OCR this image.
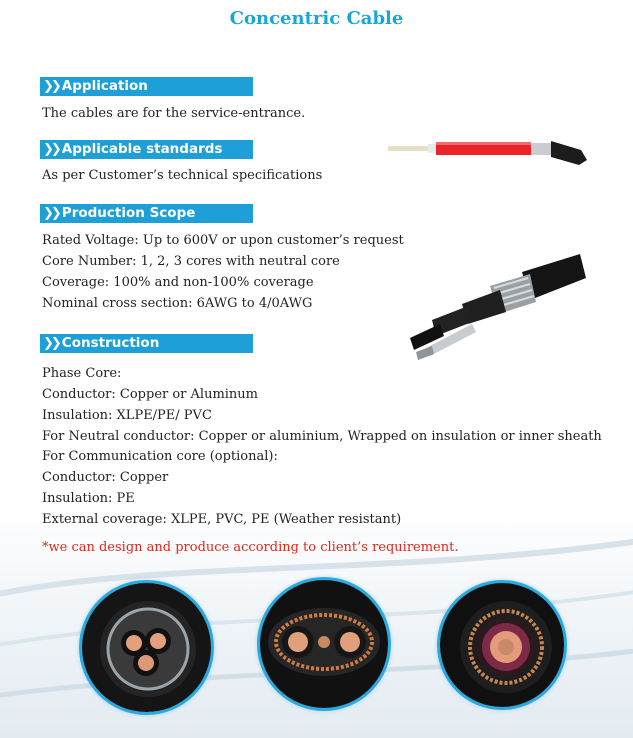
Concentric Cable
❯❯ Application

The cables are for the service-entrance.

❯❯ Applicable standards

As per Customer’s technical specifications

❯❯ Production Scope

Rated Voltage: Up to 600V or upon customer’s request

Core Number: 1, 2, 3 cores with neutral core

Coverage: 100% and non-100% coverage

Nominal cross section: 6AWG to 4/0AWG

❯❯ Construction

Phase Core:

Conductor: Copper or Aluminum

Insulation: XLPE/PE/ PVC

For Neutral conductor: Copper or aluminium, Wrapped on insulation or inner sheath

For Communication core (optional):

Conductor: Copper

Insulation: PE

External coverage: XLPE, PVC, PE (Weather resistant)

*we can design and produce according to client’s requirement.
